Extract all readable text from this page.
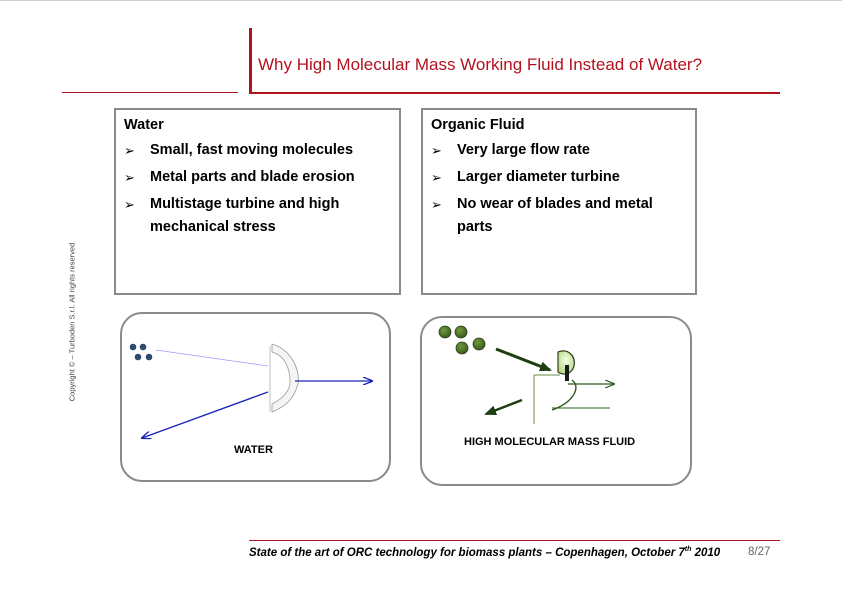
Why High Molecular Mass Working Fluid Instead of Water?
Copyright © – Turboden S.r.l. All rights reserved
Water
➢	Small, fast moving molecules
➢	Metal parts and blade erosion
➢	Multistage turbine and high mechanical stress
Organic Fluid
➢	Very large flow rate
➢	Larger diameter turbine
➢	No wear of blades and metal parts
WATER
HIGH MOLECULAR MASS FLUID
State of the art of ORC technology for biomass plants – Copenhagen, October 7th 2010 8/27
